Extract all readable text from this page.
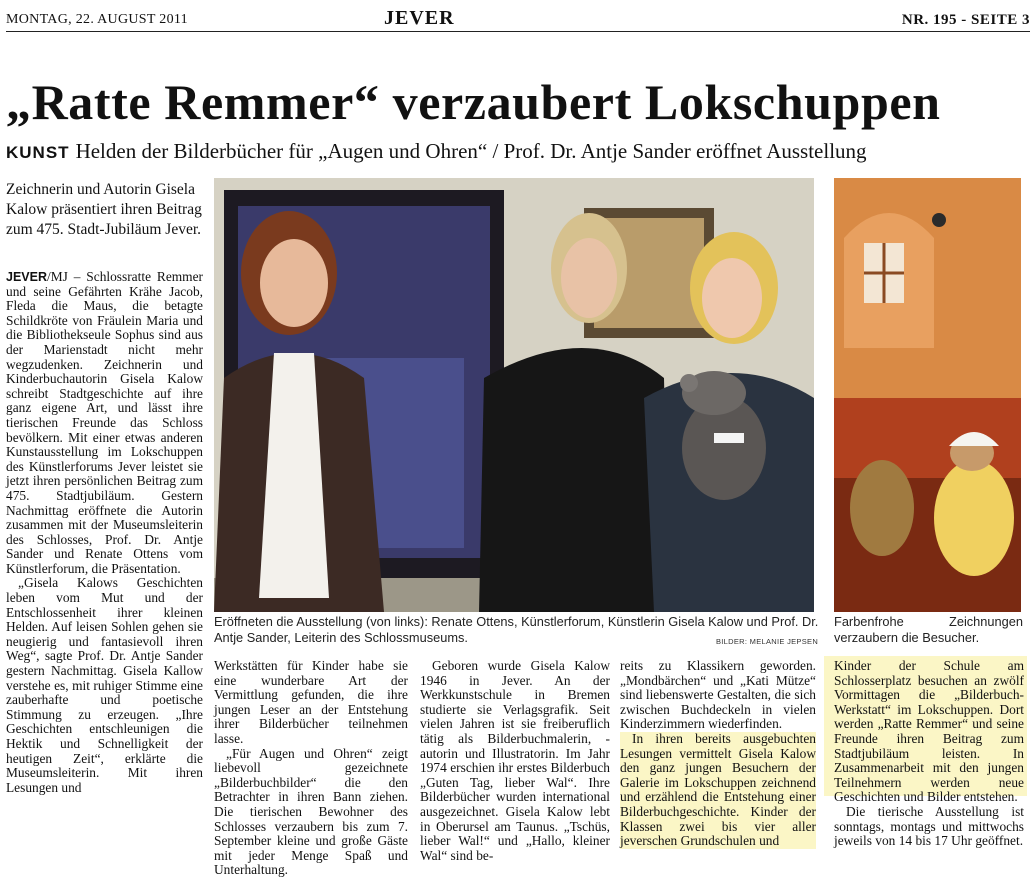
MONTAG, 22. AUGUST 2011	JEVER	NR. 195 - SEITE 3
„Ratte Remmer“ verzaubert Lokschuppen
KUNST Helden der Bilderbücher für „Augen und Ohren“ / Prof. Dr. Antje Sander eröffnet Ausstellung
Zeichnerin und Autorin Gisela Kalow präsentiert ihren Beitrag zum 475. Stadt-Jubiläum Jever.

JEVER/MJ – Schlossratte Remmer und seine Gefährten Krähe Jacob, Fleda die Maus, die betagte Schildkröte von Fräulein Maria und die Bibliothekseule Sophus sind aus der Marienstadt nicht mehr wegzudenken. Zeichnerin und Kinderbuchautorin Gisela Kalow schreibt Stadtgeschichte auf ihre ganz eigene Art, und lässt ihre tierischen Freunde das Schloss bevölkern. Mit einer etwas anderen Kunstausstellung im Lokschuppen des Künstlerforums Jever leistet sie jetzt ihren persönlichen Beitrag zum 475. Stadtjubiläum. Gestern Nachmittag eröffnete die Autorin zusammen mit der Museumsleiterin des Schlosses, Prof. Dr. Antje Sander und Renate Ottens vom Künstlerforum, die Präsentation.

„Gisela Kalows Geschichten leben vom Mut und der Entschlossenheit ihrer kleinen Helden. Auf leisen Sohlen gehen sie neugierig und fantasievoll ihren Weg“, sagte Prof. Dr. Antje Sander gestern Nachmittag. Gisela Kallow verstehe es, mit ruhiger Stimme eine zauberhafte und poetische Stimmung zu erzeugen. „Ihre Geschichten entschleunigen die Hektik und Schnelligkeit der heutigen Zeit“, erklärte die Museumsleiterin. Mit ihren Lesungen und

Eröffneten die Ausstellung (von links): Renate Ottens, Künstlerforum, Künstlerin Gisela Kalow und Prof. Dr. Antje Sander, Leiterin des Schlossmuseums.	BILDER: MELANIE JEPSEN
Farbenfrohe Zeichnungen verzaubern die Besucher.

Werkstätten für Kinder habe sie eine wunderbare Art der Vermittlung gefunden, die ihre jungen Leser an der Entstehung ihrer Bilderbücher teilnehmen lasse.

„Für Augen und Ohren“ zeigt liebevoll gezeichnete „Bilderbuchbilder“ die den Betrachter in ihren Bann ziehen. Die tierischen Bewohner des Schlosses verzaubern bis zum 7. September kleine und große Gäste mit jeder Menge Spaß und Unterhaltung.

Geboren wurde Gisela Kalow 1946 in Jever. An der Werkkunstschule in Bremen studierte sie Verlagsgrafik. Seit vielen Jahren ist sie freiberuflich tätig als Bilderbuchmalerin, -autorin und Illustratorin. Im Jahr 1974 erschien ihr erstes Bilderbuch „Guten Tag, lieber Wal“. Ihre Bilderbücher wurden international ausgezeichnet. Gisela Kalow lebt in Oberursel am Taunus. „Tschüs, lieber Wal!“ und „Hallo, kleiner Wal“ sind be-

reits zu Klassikern geworden. „Mondbärchen“ und „Kati Mütze“ sind liebenswerte Gestalten, die sich zwischen Buchdeckeln in vielen Kinderzimmern wiederfinden.

In ihren bereits ausgebuchten Lesungen vermittelt Gisela Kalow den ganz jungen Besuchern der Galerie im Lokschuppen zeichnend und erzählend die Entstehung einer Bilderbuchgeschichte. Kinder der Klassen zwei bis vier aller jeverschen Grundschulen und

Kinder der Schule am Schlosserplatz besuchen an zwölf Vormittagen die „Bilderbuch-Werkstatt“ im Lokschuppen. Dort werden „Ratte Remmer“ und seine Freunde ihren Beitrag zum Stadtjubiläum leisten. In Zusammenarbeit mit den jungen Teilnehmern werden neue Geschichten und Bilder entstehen.

Die tierische Ausstellung ist sonntags, montags und mittwochs jeweils von 14 bis 17 Uhr geöffnet.
